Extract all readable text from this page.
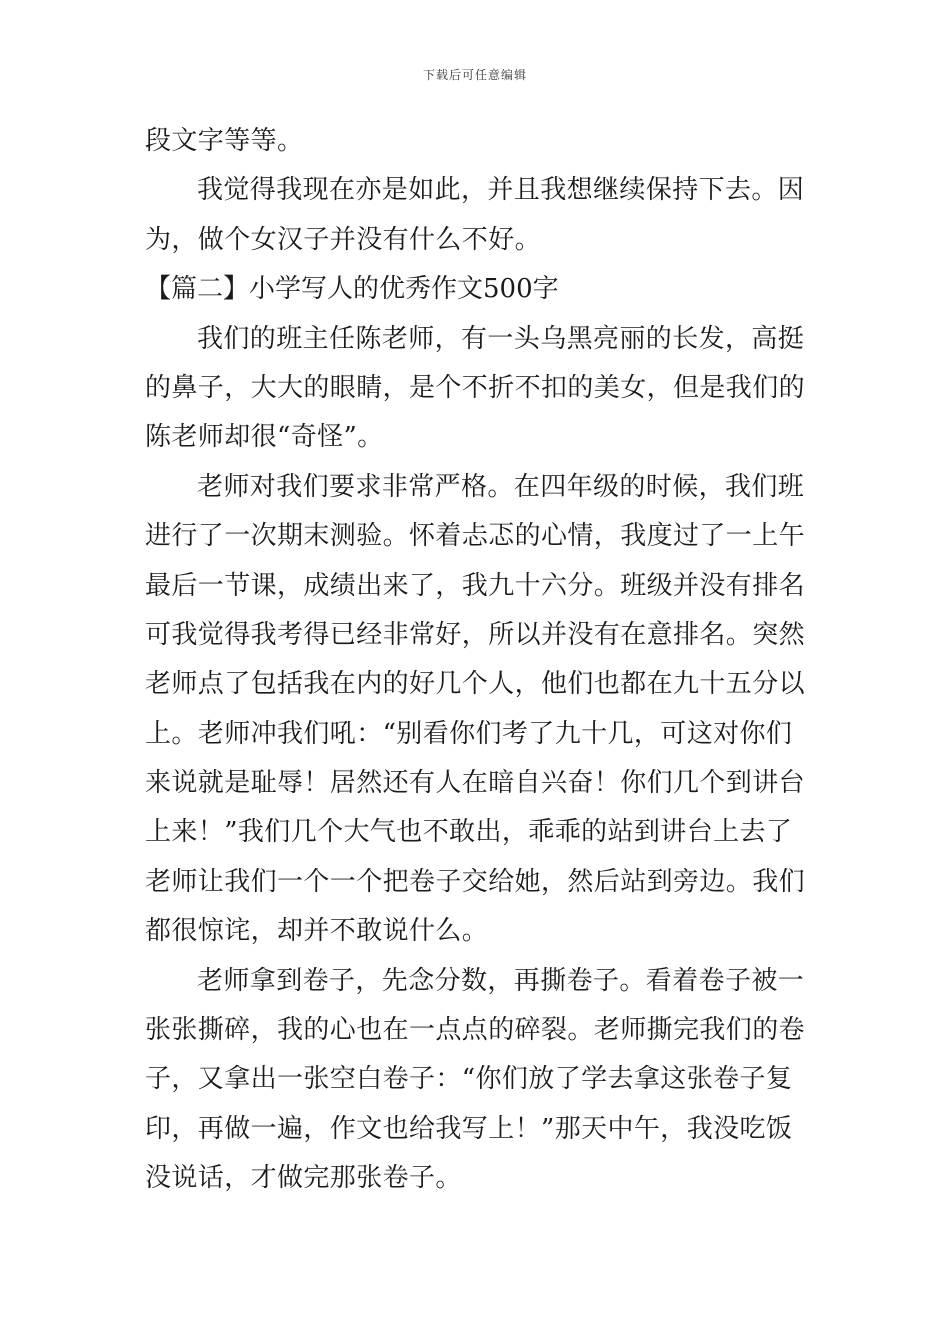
下载后可任意编辑
段文字等等。
我觉得我现在亦是如此，并且我想继续保持下去。因
为，做个女汉子并没有什么不好。
【篇二】小学写人的优秀作文500字
我们的班主任陈老师，有一头乌黑亮丽的长发，高挺
的鼻子，大大的眼睛，是个不折不扣的美女，但是我们的
陈老师却很“奇怪”。
老师对我们要求非常严格。在四年级的时候，我们班
进行了一次期末测验。怀着忐忑的心情，我度过了一上午
最后一节课，成绩出来了，我九十六分。班级并没有排名
可我觉得我考得已经非常好，所以并没有在意排名。突然
老师点了包括我在内的好几个人，他们也都在九十五分以
上。老师冲我们吼：“别看你们考了九十几，可这对你们
来说就是耻辱！居然还有人在暗自兴奋！你们几个到讲台
上来！”我们几个大气也不敢出，乖乖的站到讲台上去了
老师让我们一个一个把卷子交给她，然后站到旁边。我们
都很惊诧，却并不敢说什么。
老师拿到卷子，先念分数，再撕卷子。看着卷子被一
张张撕碎，我的心也在一点点的碎裂。老师撕完我们的卷
子，又拿出一张空白卷子：“你们放了学去拿这张卷子复
印，再做一遍，作文也给我写上！”那天中午，我没吃饭
没说话，才做完那张卷子。
